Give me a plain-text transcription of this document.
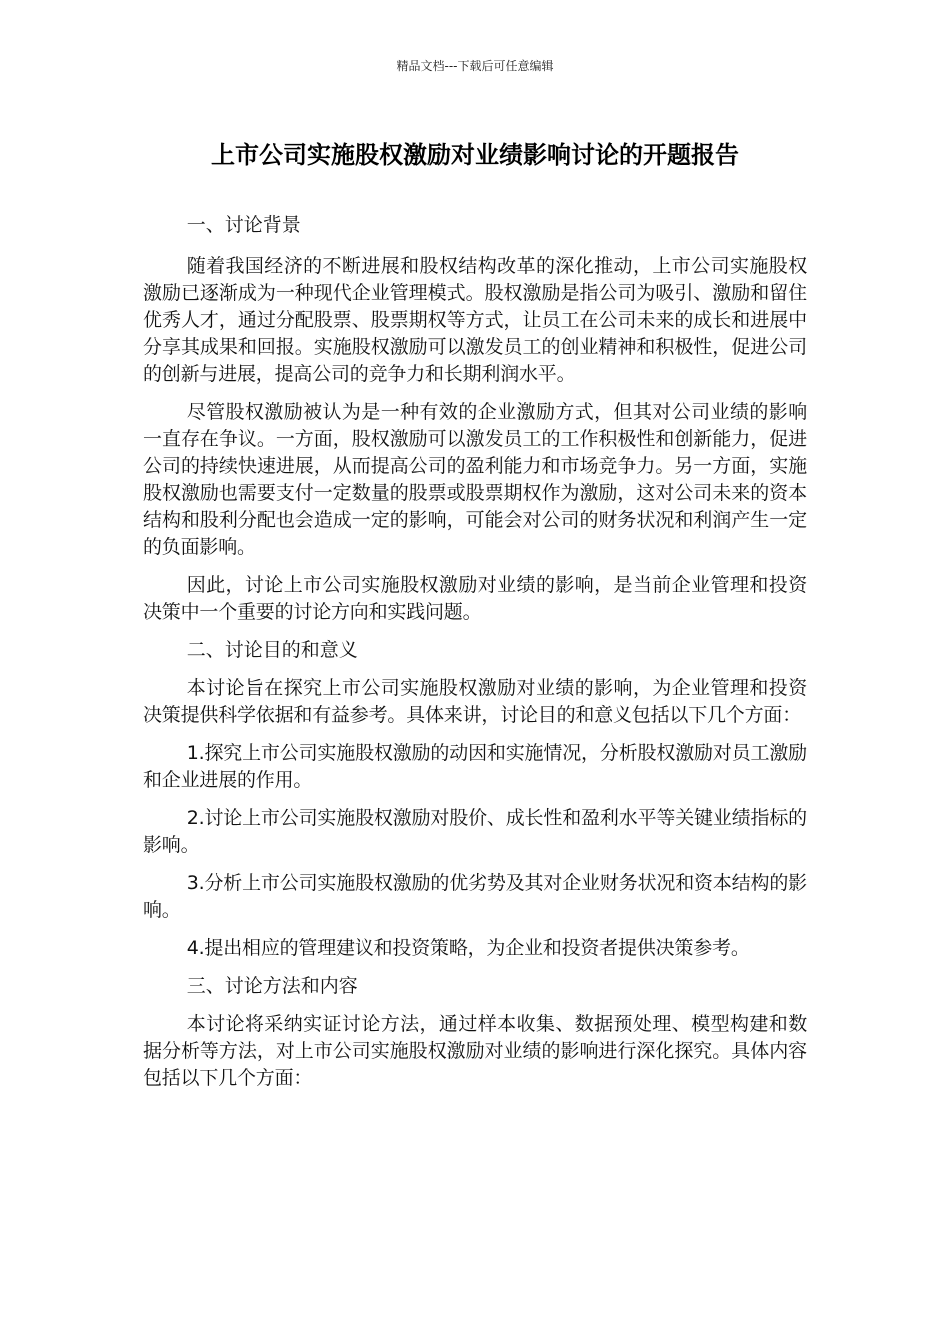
精品文档---下载后可任意编辑
上市公司实施股权激励对业绩影响讨论的开题报告

一、讨论背景

随着我国经济的不断进展和股权结构改革的深化推动，上市公司实施股权激励已逐渐成为一种现代企业管理模式。股权激励是指公司为吸引、激励和留住优秀人才，通过分配股票、股票期权等方式，让员工在公司未来的成长和进展中分享其成果和回报。实施股权激励可以激发员工的创业精神和积极性，促进公司的创新与进展，提高公司的竞争力和长期利润水平。

尽管股权激励被认为是一种有效的企业激励方式，但其对公司业绩的影响一直存在争议。一方面，股权激励可以激发员工的工作积极性和创新能力，促进公司的持续快速进展，从而提高公司的盈利能力和市场竞争力。另一方面，实施股权激励也需要支付一定数量的股票或股票期权作为激励，这对公司未来的资本结构和股利分配也会造成一定的影响，可能会对公司的财务状况和利润产生一定的负面影响。

因此，讨论上市公司实施股权激励对业绩的影响，是当前企业管理和投资决策中一个重要的讨论方向和实践问题。

二、讨论目的和意义

本讨论旨在探究上市公司实施股权激励对业绩的影响，为企业管理和投资决策提供科学依据和有益参考。具体来讲，讨论目的和意义包括以下几个方面：

1.探究上市公司实施股权激励的动因和实施情况，分析股权激励对员工激励和企业进展的作用。

2.讨论上市公司实施股权激励对股价、成长性和盈利水平等关键业绩指标的影响。

3.分析上市公司实施股权激励的优劣势及其对企业财务状况和资本结构的影响。

4.提出相应的管理建议和投资策略，为企业和投资者提供决策参考。

三、讨论方法和内容

本讨论将采纳实证讨论方法，通过样本收集、数据预处理、模型构建和数据分析等方法，对上市公司实施股权激励对业绩的影响进行深化探究。具体内容包括以下几个方面：
